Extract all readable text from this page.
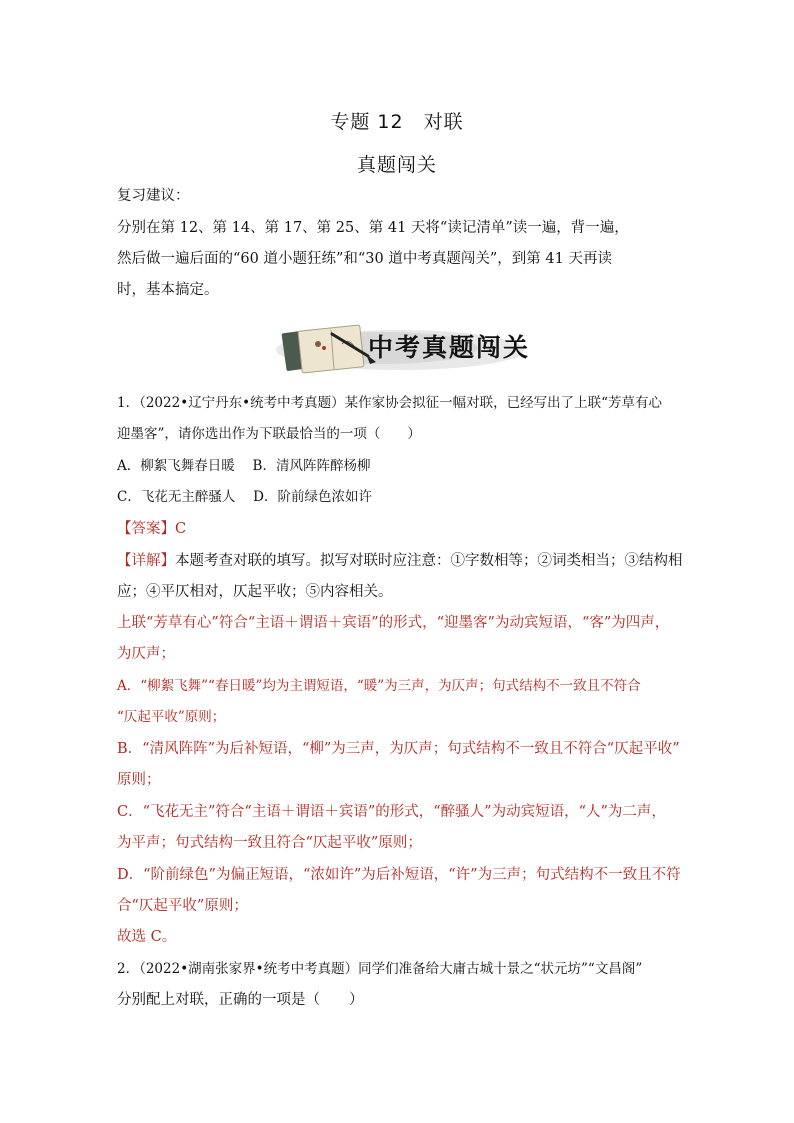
专题 12　对联
真题闯关
复习建议：
分别在第 12、第 14、第 17、第 25、第 41 天将“读记清单”读一遍，背一遍，
然后做一遍后面的“60 道小题狂练”和“30 道中考真题闯关”，到第 41 天再读
时，基本搞定。
中考真题闯关
1．（2022•辽宁丹东•统考中考真题）某作家协会拟征一幅对联，已经写出了上联“芳草有心
迎墨客”，请你选出作为下联最恰当的一项（　　）
A．柳絮飞舞春日暖　 B．清风阵阵醉杨柳
C．飞花无主醉骚人　 D．阶前绿色浓如许
【答案】C
【详解】本题考查对联的填写。拟写对联时应注意：①字数相等；②词类相当；③结构相
应；④平仄相对，仄起平收；⑤内容相关。
上联“芳草有心”符合“主语＋谓语＋宾语”的形式，“迎墨客”为动宾短语，“客”为四声，
为仄声；
A．“柳絮飞舞”“春日暖”均为主谓短语，“暖”为三声，为仄声；句式结构不一致且不符合
“仄起平收”原则；
B．“清风阵阵”为后补短语，“柳”为三声，为仄声；句式结构不一致且不符合“仄起平收”
原则；
C．“飞花无主”符合“主语＋谓语＋宾语”的形式，“醉骚人”为动宾短语，“人”为二声，
为平声；句式结构一致且符合“仄起平收”原则；
D．“阶前绿色”为偏正短语，“浓如许”为后补短语，“许”为三声；句式结构不一致且不符
合“仄起平收”原则；
故选 C。
2．（2022•湖南张家界•统考中考真题）同学们准备给大庸古城十景之“状元坊”“文昌阁”
分别配上对联，正确的一项是（　　）
